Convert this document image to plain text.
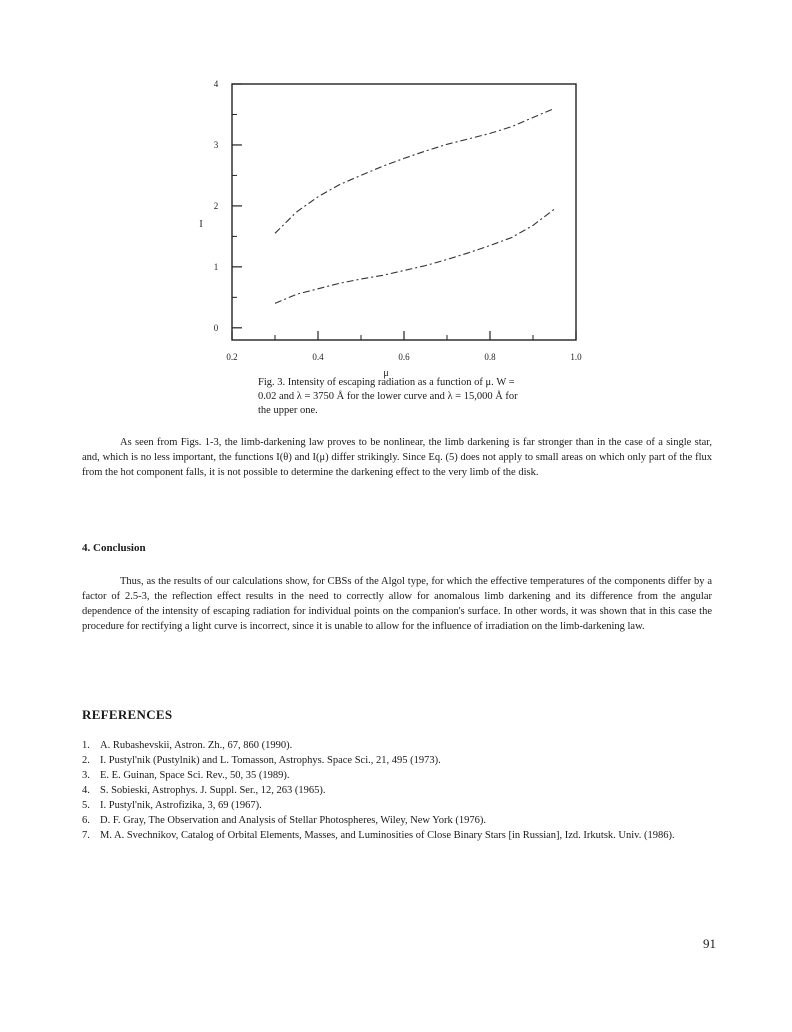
0.2	0.4	0.6	0.8	1.0
0
1
2
3
4
μ
I
Fig. 3. Intensity of escaping radiation as a function of μ. W = 0.02 and λ = 3750 Å for the lower curve and λ = 15,000 Å for the upper one.

As seen from Figs. 1-3, the limb-darkening law proves to be nonlinear, the limb darkening is far stronger than in the case of a single star, and, which is no less important, the functions I(θ) and I(μ) differ strikingly. Since Eq. (5) does not apply to small areas on which only part of the flux from the hot component falls, it is not possible to determine the darkening effect to the very limb of the disk.

4. Conclusion

Thus, as the results of our calculations show, for CBSs of the Algol type, for which the effective temperatures of the components differ by a factor of 2.5-3, the reflection effect results in the need to correctly allow for anomalous limb darkening and its difference from the angular dependence of the intensity of escaping radiation for individual points on the companion's surface. In other words, it was shown that in this case the procedure for rectifying a light curve is incorrect, since it is unable to allow for the influence of irradiation on the limb-darkening law.

REFERENCES
1. A. Rubashevskii, Astron. Zh., 67, 860 (1990).
2. I. Pustyl'nik (Pustylnik) and L. Tomasson, Astrophys. Space Sci., 21, 495 (1973).
3. E. E. Guinan, Space Sci. Rev., 50, 35 (1989).
4. S. Sobieski, Astrophys. J. Suppl. Ser., 12, 263 (1965).
5. I. Pustyl'nik, Astrofizika, 3, 69 (1967).
6. D. F. Gray, The Observation and Analysis of Stellar Photospheres, Wiley, New York (1976).
7. M. A. Svechnikov, Catalog of Orbital Elements, Masses, and Luminosities of Close Binary Stars [in Russian], Izd. Irkutsk. Univ. (1986).
91
